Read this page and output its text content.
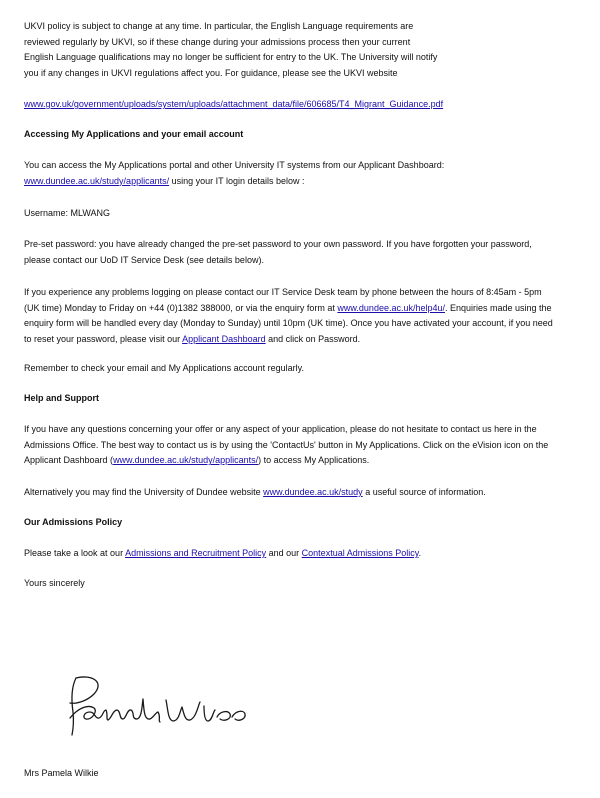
UKVI policy is subject to change at any time. In particular, the English Language requirements are
reviewed regularly by UKVI, so if these change during your admissions process then your current
English Language qualifications may no longer be sufficient for entry to the UK. The University will notify
you if any changes in UKVI regulations affect you. For guidance, please see the UKVI website
www.gov.uk/government/uploads/system/uploads/attachment_data/file/606685/T4_Migrant_Guidance.pdf
Accessing My Applications and your email account
You can access the My Applications portal and other University IT systems from our Applicant Dashboard:
www.dundee.ac.uk/study/applicants/ using your IT login details below :
Username: MLWANG
Pre-set password: you have already changed the pre-set password to your own password. If you have forgotten your password,
please contact our UoD IT Service Desk (see details below).
If you experience any problems logging on please contact our IT Service Desk team by phone between the hours of 8:45am - 5pm
(UK time) Monday to Friday on +44 (0)1382 388000, or via the enquiry form at www.dundee.ac.uk/help4u/. Enquiries made using the
enquiry form will be handled every day (Monday to Sunday) until 10pm (UK time). Once you have activated your account, if you need
to reset your password, please visit our Applicant Dashboard and click on Password.
Remember to check your email and My Applications account regularly.
Help and Support
If you have any questions concerning your offer or any aspect of your application, please do not hesitate to contact us here in the
Admissions Office. The best way to contact us is by using the 'ContactUs' button in My Applications. Click on the eVision icon on the
Applicant Dashboard (www.dundee.ac.uk/study/applicants/) to access My Applications.
Alternatively you may find the University of Dundee website www.dundee.ac.uk/study a useful source of information.
Our Admissions Policy
Please take a look at our Admissions and Recruitment Policy and our Contextual Admissions Policy.
Yours sincerely
Mrs Pamela Wilkie
